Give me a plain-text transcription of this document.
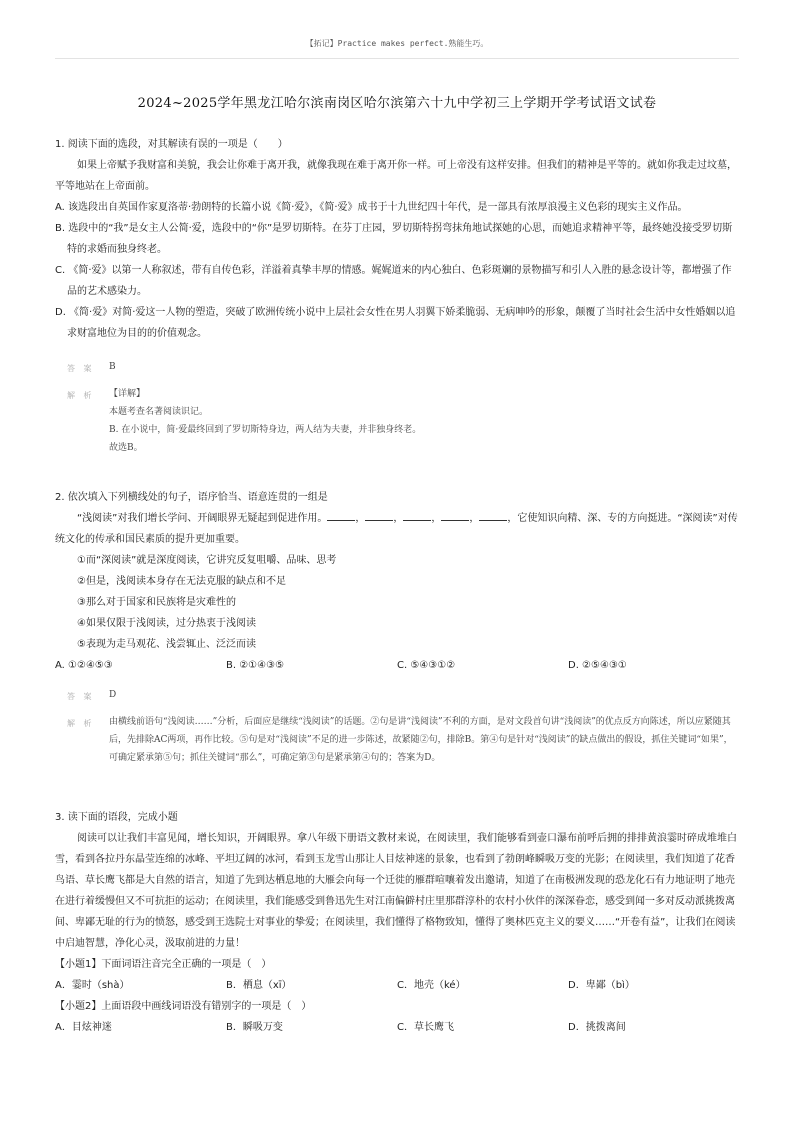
【拓记】Practice makes perfect.熟能生巧。
2024~2025学年黑龙江哈尔滨南岗区哈尔滨第六十九中学初三上学期开学考试语文试卷

1. 阅读下面的选段，对其解读有误的一项是（　　）

如果上帝赋予我财富和美貌，我会让你难于离开我，就像我现在难于离开你一样。可上帝没有这样安排。但我们的精神是平等的。就如你我走过坟墓，平等地站在上帝面前。

A. 该选段出自英国作家夏洛蒂·勃朗特的长篇小说《简·爱》，《简·爱》成书于十九世纪四十年代，是一部具有浓厚浪漫主义色彩的现实主义作品。

B. 选段中的“我”是女主人公简·爱，选段中的“你”是罗切斯特。在芬丁庄园，罗切斯特拐弯抹角地试探她的心思，而她追求精神平等，最终她没接受罗切斯特的求婚而独身终老。

C. 《简·爱》以第一人称叙述，带有自传色彩，洋溢着真挚丰厚的情感。娓娓道来的内心独白、色彩斑斓的景物描写和引人入胜的悬念设计等，都增强了作品的艺术感染力。

D. 《简·爱》对简·爱这一人物的塑造，突破了欧洲传统小说中上层社会女性在男人羽翼下娇柔脆弱、无病呻吟的形象，颠覆了当时社会生活中女性婚姻以追求财富地位为目的的价值观念。

答 案	B
解 析	【详解】
本题考查名著阅读识记。
B. 在小说中，简·爱最终回到了罗切斯特身边，两人结为夫妻，并非独身终老。
故选B。

2. 依次填入下列横线处的句子，语序恰当、语意连贯的一组是

“浅阅读”对我们增长学问、开阔眼界无疑起到促进作用。	，	，	，	，	，它使知识向精、深、专的方向挺进。“深阅读”对传统文化的传承和国民素质的提升更加重要。

①而“深阅读”就是深度阅读，它讲究反复咀嚼、品味、思考

②但是，浅阅读本身存在无法克服的缺点和不足

③那么对于国家和民族将是灾难性的

④如果仅限于浅阅读，过分热衷于浅阅读

⑤表现为走马观花、浅尝辄止、泛泛而读

A. ①②④⑤③	B. ②①④③⑤	C. ⑤④③①②	D. ②⑤④③①
答 案	D
解 析	由横线前语句“浅阅读……”分析，后面应是继续“浅阅读”的话题。②句是讲“浅阅读”不利的方面，是对文段首句讲“浅阅读”的优点反方向陈述，所以应紧随其后，先排除AC两项，再作比较。⑤句是对“浅阅读”不足的进一步陈述，故紧随②句，排除B。第④句是针对“浅阅读”的缺点做出的假设，抓住关键词“如果”，可确定紧承第⑤句；抓住关键词“那么”，可确定第③句是紧承第④句的；答案为D。

3. 读下面的语段，完成小题

阅读可以让我们丰富见闻，增长知识，开阔眼界。拿八年级下册语文教材来说，在阅读里，我们能够看到壶口瀑布前呼后拥的排排黄浪霎时碎成堆堆白雪，看到各拉丹东晶莹连绵的冰峰、平坦辽阔的冰河，看到玉龙雪山那让人目炫神迷的景象，也看到了勃朗峰瞬吸万变的光影；在阅读里，我们知道了花香鸟语、草长鹰飞都是大自然的语言，知道了先到达栖息地的大雁会向每一个迁徙的雁群喧嚷着发出邀请，知道了在南极洲发现的恐龙化石有力地证明了地壳在进行着缓慢但又不可抗拒的运动；在阅读里，我们能感受到鲁迅先生对江南偏僻村庄里那群淳朴的农村小伙伴的深深眷恋，感受到闻一多对反动派挑拨离间、卑鄙无耻的行为的愤怒，感受到王选院士对事业的挚爱；在阅读里，我们懂得了格物致知，懂得了奥林匹克主义的要义……“开卷有益”，让我们在阅读中启迪智慧，净化心灵，汲取前进的力量！

【小题1】下面词语注音完全正确的一项是（　）

A．霎时（shà）	B．栖息（xī）	C．地壳（ké）	D．卑鄙（bì）

【小题2】上面语段中画线词语没有错别字的一项是（　）

A．目炫神迷	B．瞬吸万变	C．草长鹰飞	D．挑拨离间
